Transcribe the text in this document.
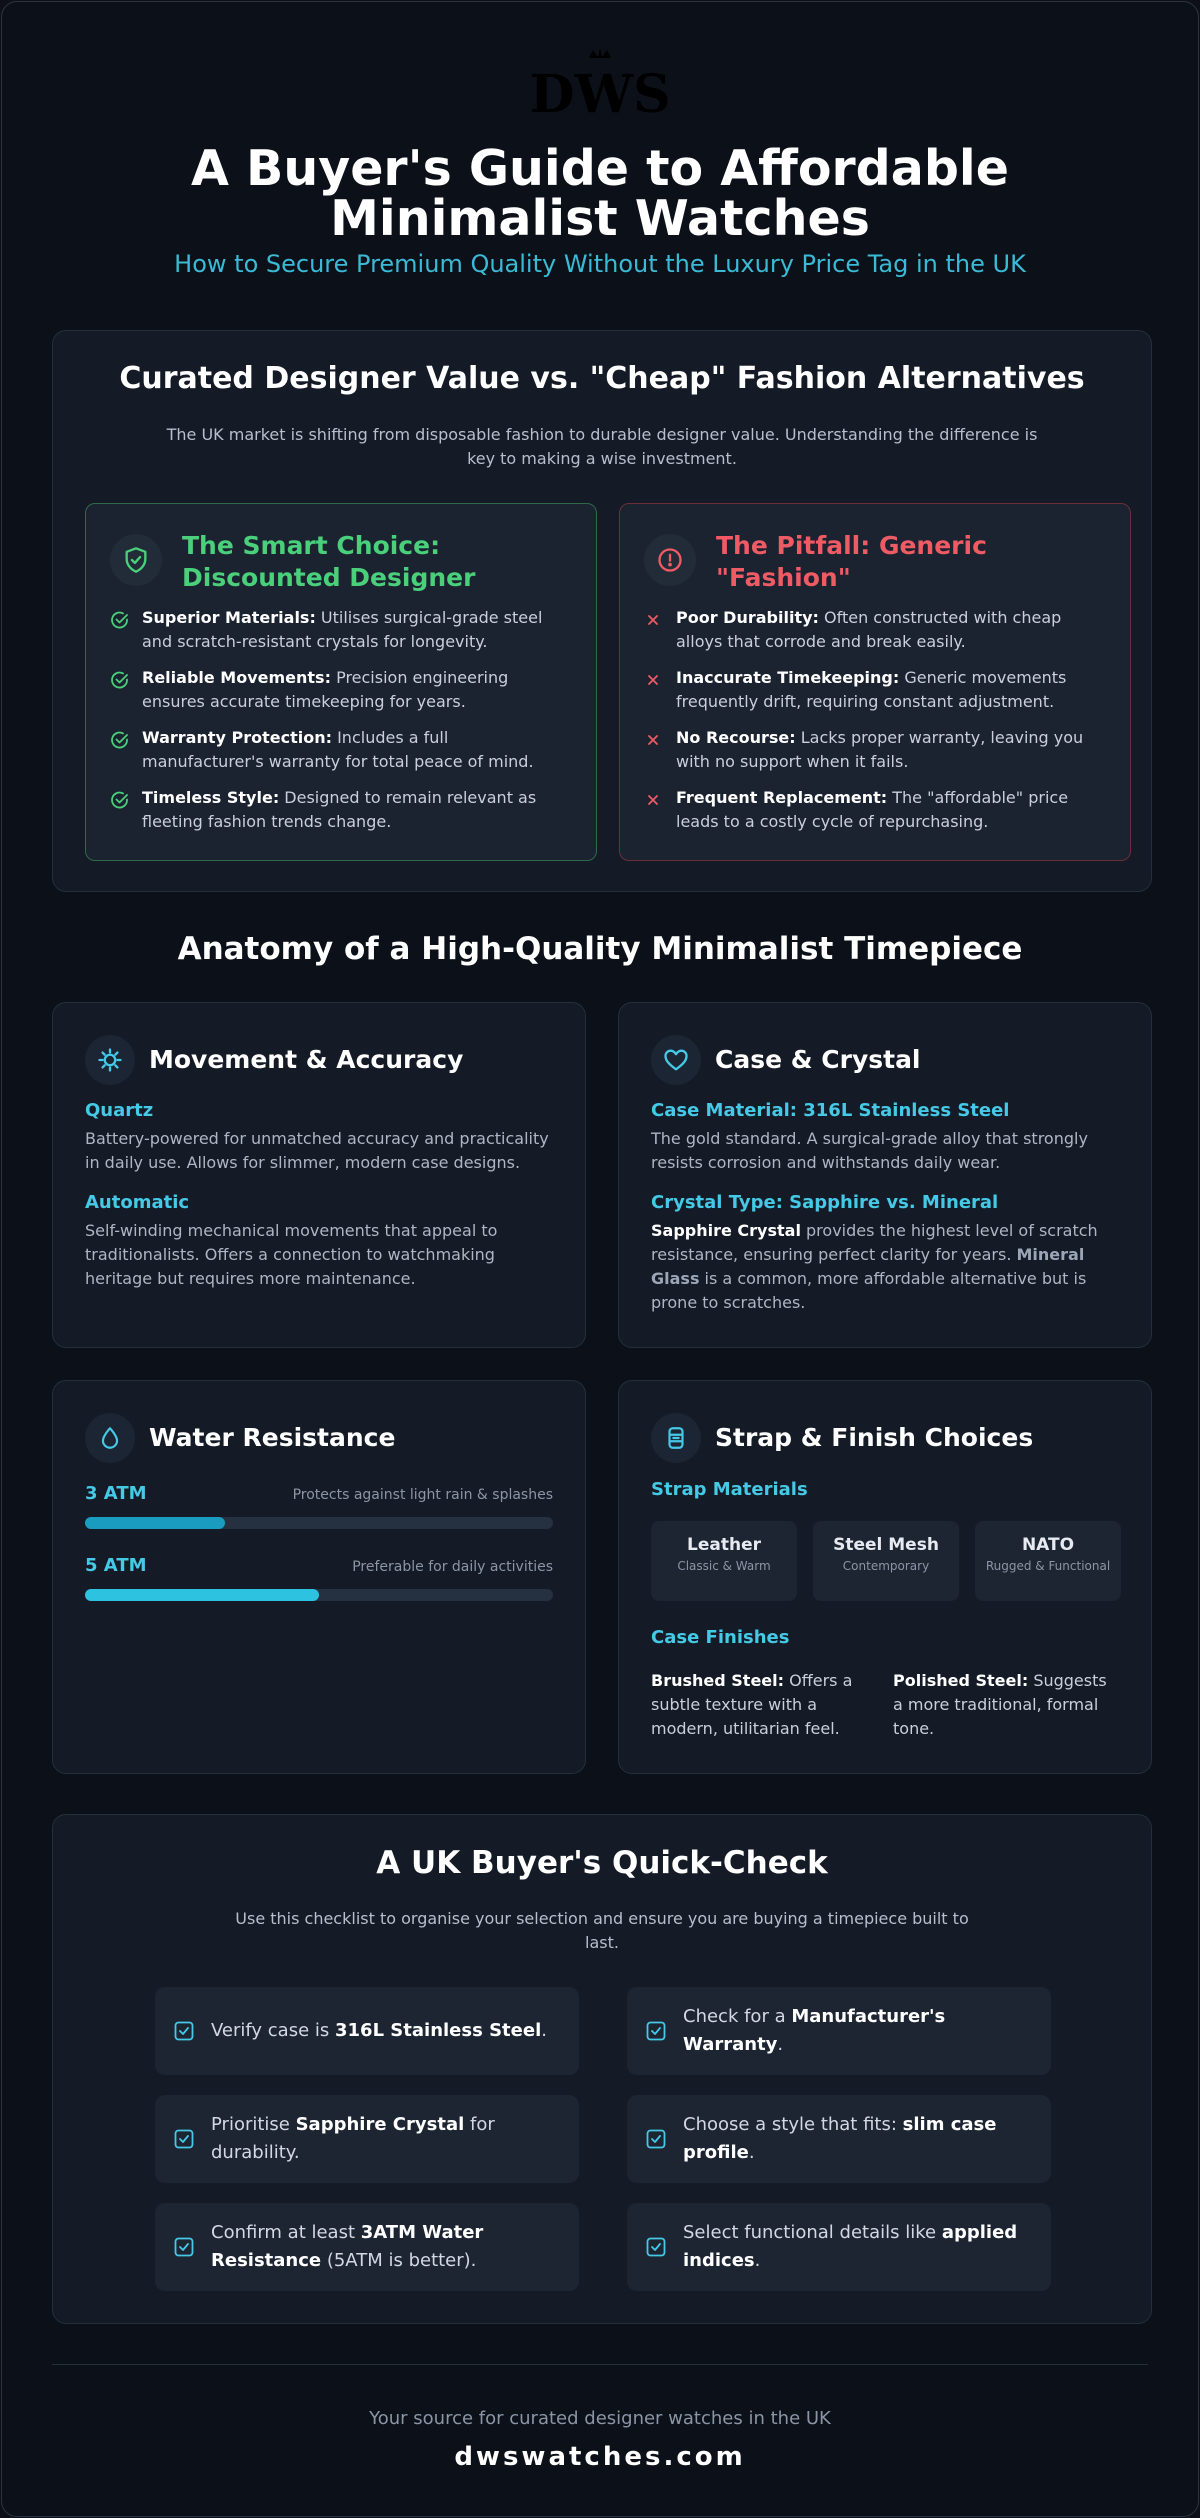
DWS
A Buyer's Guide to Affordable Minimalist Watches
How to Secure Premium Quality Without the Luxury Price Tag in the UK
Curated Designer Value vs. "Cheap" Fashion Alternatives

The UK market is shifting from disposable fashion to durable designer value. Understanding the difference is key to making a wise investment.

The Smart Choice: Discounted Designer
Superior Materials: Utilises surgical-grade steel and scratch-resistant crystals for longevity.
Reliable Movements: Precision engineering ensures accurate timekeeping for years.
Warranty Protection: Includes a full manufacturer's warranty for total peace of mind.
Timeless Style: Designed to remain relevant as fleeting fashion trends change.
The Pitfall: Generic "Fashion"
Poor Durability: Often constructed with cheap alloys that corrode and break easily.
Inaccurate Timekeeping: Generic movements frequently drift, requiring constant adjustment.
No Recourse: Lacks proper warranty, leaving you with no support when it fails.
Frequent Replacement: The "affordable" price leads to a costly cycle of repurchasing.
Anatomy of a High-Quality Minimalist Timepiece
Movement & Accuracy
Quartz

Battery-powered for unmatched accuracy and practicality in daily use. Allows for slimmer, modern case designs.

Automatic

Self-winding mechanical movements that appeal to traditionalists. Offers a connection to watchmaking heritage but requires more maintenance.

Case & Crystal
Case Material: 316L Stainless Steel

The gold standard. A surgical-grade alloy that strongly resists corrosion and withstands daily wear.

Crystal Type: Sapphire vs. Mineral

Sapphire Crystal provides the highest level of scratch resistance, ensuring perfect clarity for years. Mineral Glass is a common, more affordable alternative but is prone to scratches.

Water Resistance
3 ATM	Protects against light rain & splashes
5 ATM	Preferable for daily activities
Strap & Finish Choices
Strap Materials
Leather
Classic & Warm
Steel Mesh
Contemporary
NATO
Rugged & Functional
Case Finishes

Brushed Steel: Offers a subtle texture with a modern, utilitarian feel.

Polished Steel: Suggests a more traditional, formal tone.

A UK Buyer's Quick-Check

Use this checklist to organise your selection and ensure you are buying a timepiece built to last.

Verify case is 316L Stainless Steel.
Check for a Manufacturer's Warranty.
Prioritise Sapphire Crystal for durability.
Choose a style that fits: slim case profile.
Confirm at least 3ATM Water Resistance (5ATM is better).
Select functional details like applied indices.
Your source for curated designer watches in the UK
dwswatches.com
